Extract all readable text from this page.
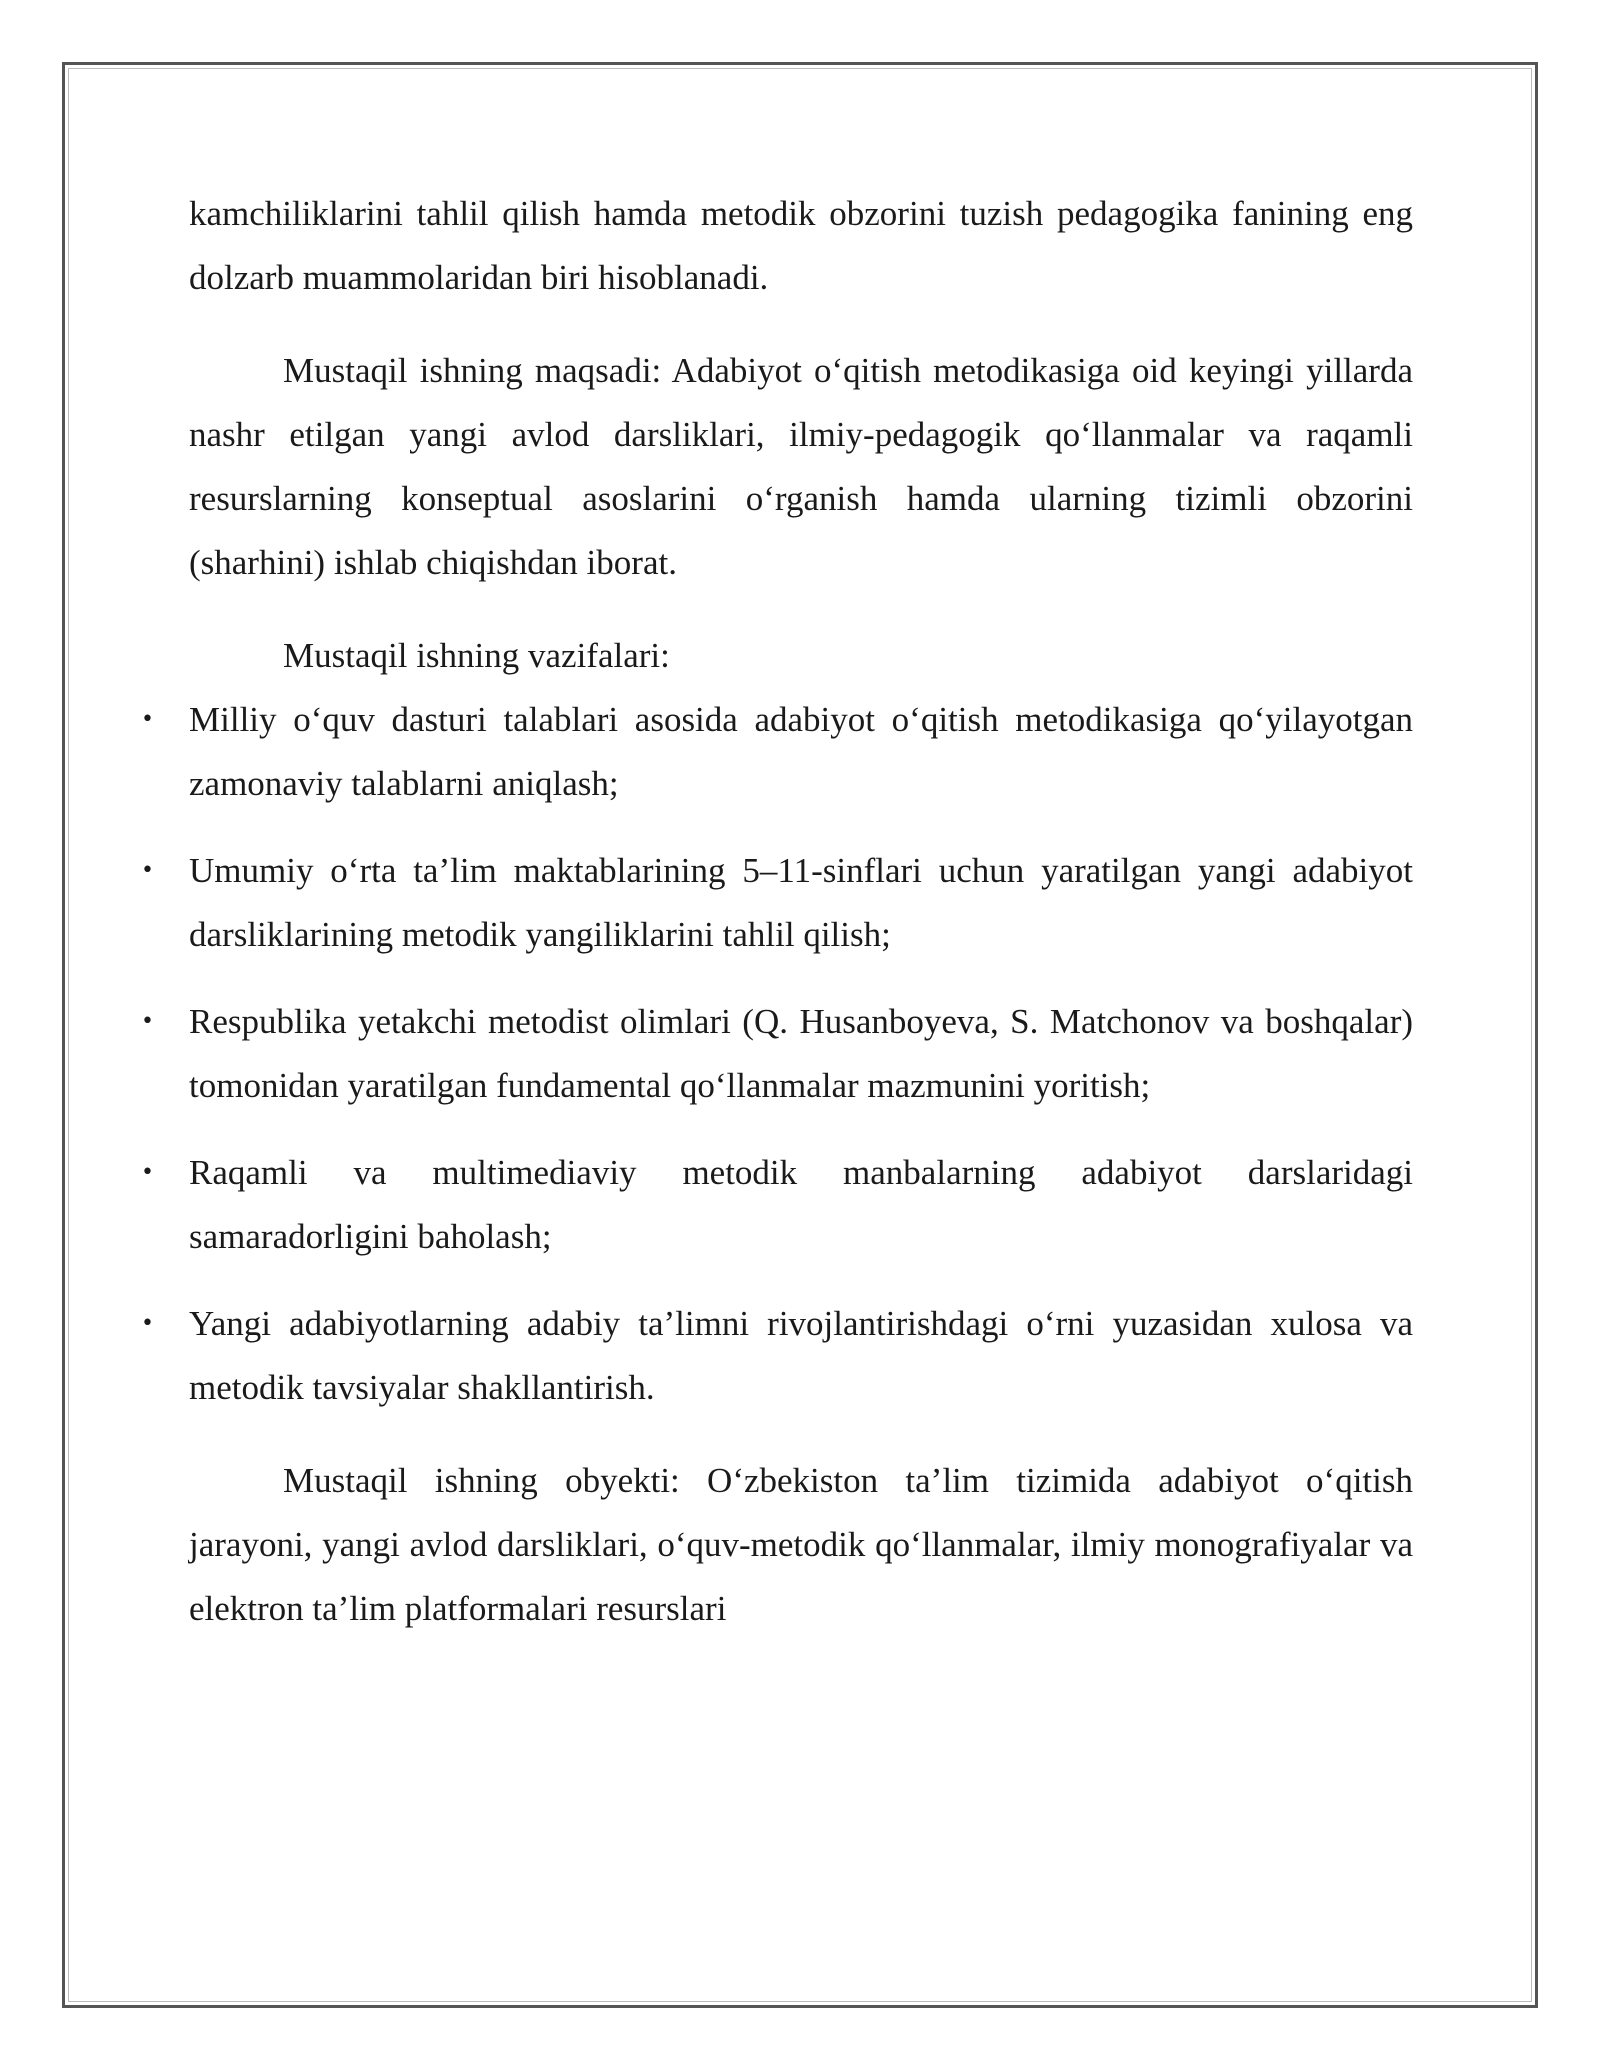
kamchiliklarini tahlil qilish hamda metodik obzorini tuzish pedagogika fanining eng dolzarb muammolaridan biri hisoblanadi.

Mustaqil ishning maqsadi: Adabiyot o‘qitish metodikasiga oid keyingi yillarda nashr etilgan yangi avlod darsliklari, ilmiy-pedagogik qo‘llanmalar va raqamli resurslarning konseptual asoslarini o‘rganish hamda ularning tizimli obzorini (sharhini) ishlab chiqishdan iborat.

Mustaqil ishning vazifalari:

• Milliy o‘quv dasturi talablari asosida adabiyot o‘qitish metodikasiga qo‘yilayotgan zamonaviy talablarni aniqlash;
• Umumiy o‘rta ta’lim maktablarining 5–11-sinflari uchun yaratilgan yangi adabiyot darsliklarining metodik yangiliklarini tahlil qilish;
• Respublika yetakchi metodist olimlari (Q. Husanboyeva, S. Matchonov va boshqalar) tomonidan yaratilgan fundamental qo‘llanmalar mazmunini yoritish;
• Raqamli va multimediaviy metodik manbalarning adabiyot darslaridagi samaradorligini baholash;
• Yangi adabiyotlarning adabiy ta’limni rivojlantirishdagi o‘rni yuzasidan xulosa va metodik tavsiyalar shakllantirish.

Mustaqil ishning obyekti: O‘zbekiston ta’lim tizimida adabiyot o‘qitish jarayoni, yangi avlod darsliklari, o‘quv-metodik qo‘llanmalar, ilmiy monografiyalar va elektron ta’lim platformalari resurslari
